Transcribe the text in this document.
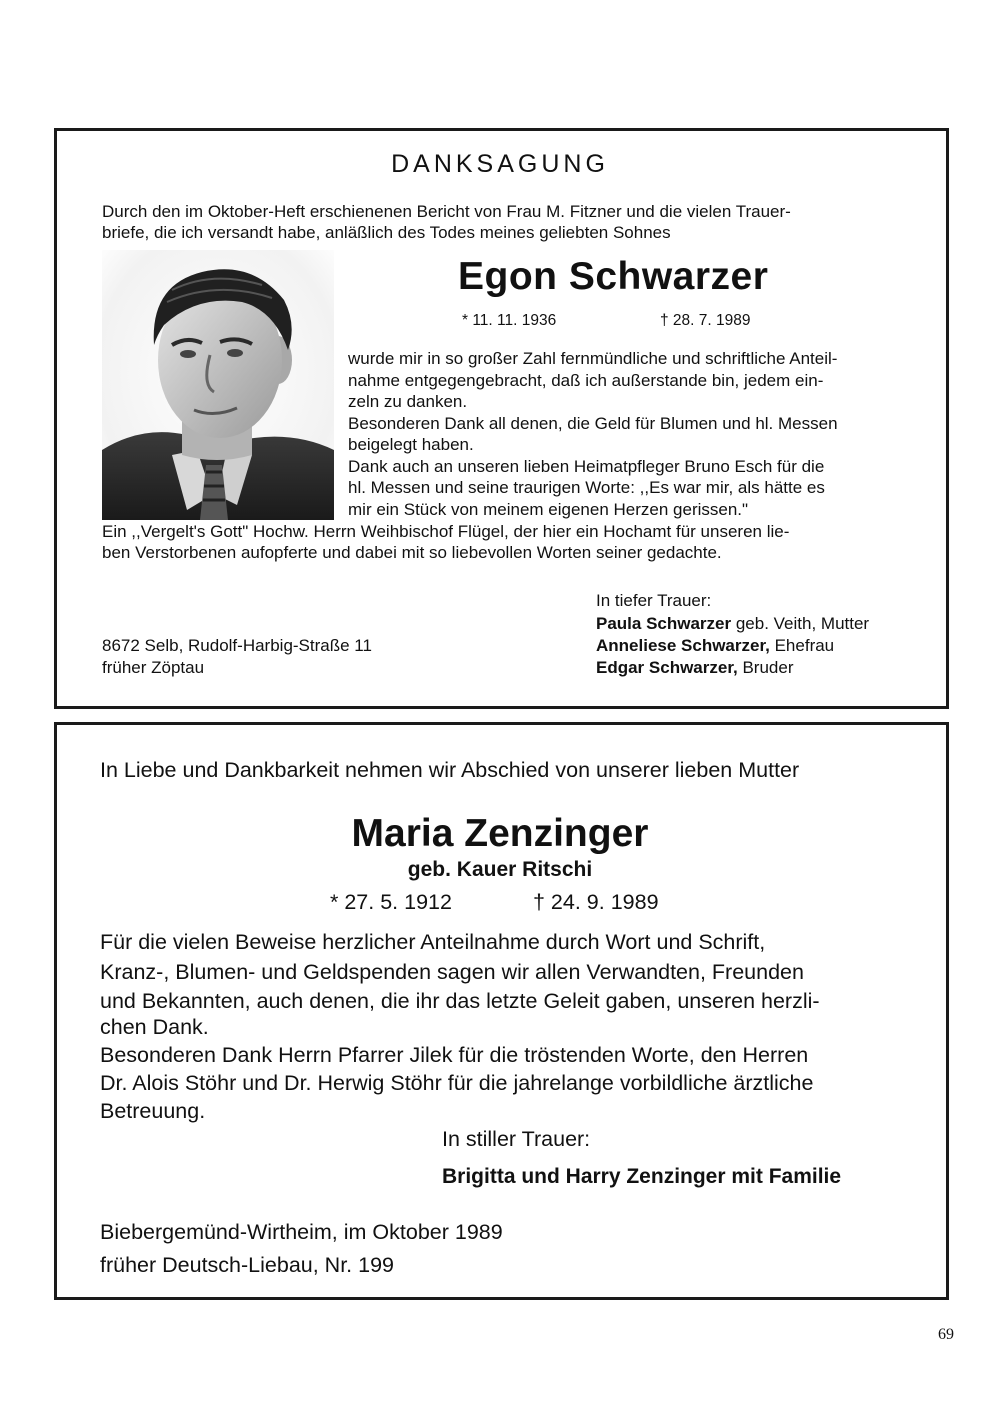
DANKSAGUNG
Durch den im Oktober-Heft erschienenen Bericht von Frau M. Fitzner und die vielen Trauer-
briefe, die ich versandt habe, anläßlich des Todes meines geliebten Sohnes
Egon Schwarzer
* 11. 11. 1936	† 28. 7. 1989
wurde mir in so großer Zahl fernmündliche und schriftliche Anteil-
nahme entgegengebracht, daß ich außerstande bin, jedem ein-
zeln zu danken.
Besonderen Dank all denen, die Geld für Blumen und hl. Messen
beigelegt haben.
Dank auch an unseren lieben Heimatpfleger Bruno Esch für die
hl. Messen und seine traurigen Worte: ,,Es war mir, als hätte es
mir ein Stück von meinem eigenen Herzen gerissen."
Ein ,,Vergelt's Gott" Hochw. Herrn Weihbischof Flügel, der hier ein Hochamt für unseren lie-
ben Verstorbenen aufopferte und dabei mit so liebevollen Worten seiner gedachte.
In tiefer Trauer:
Paula Schwarzer geb. Veith, Mutter
Anneliese Schwarzer, Ehefrau
Edgar Schwarzer, Bruder
8672 Selb, Rudolf-Harbig-Straße 11
früher Zöptau
In Liebe und Dankbarkeit nehmen wir Abschied von unserer lieben Mutter
Maria Zenzinger
geb. Kauer Ritschi
* 27. 5. 1912	† 24. 9. 1989
Für die vielen Beweise herzlicher Anteilnahme durch Wort und Schrift,
Kranz-, Blumen- und Geldspenden sagen wir allen Verwandten, Freunden
und Bekannten, auch denen, die ihr das letzte Geleit gaben, unseren herzli-
chen Dank.
Besonderen Dank Herrn Pfarrer Jilek für die tröstenden Worte, den Herren
Dr. Alois Stöhr und Dr. Herwig Stöhr für die jahrelange vorbildliche ärztliche
Betreuung.
In stiller Trauer:
Brigitta und Harry Zenzinger mit Familie
Biebergemünd-Wirtheim, im Oktober 1989
früher Deutsch-Liebau, Nr. 199
69
